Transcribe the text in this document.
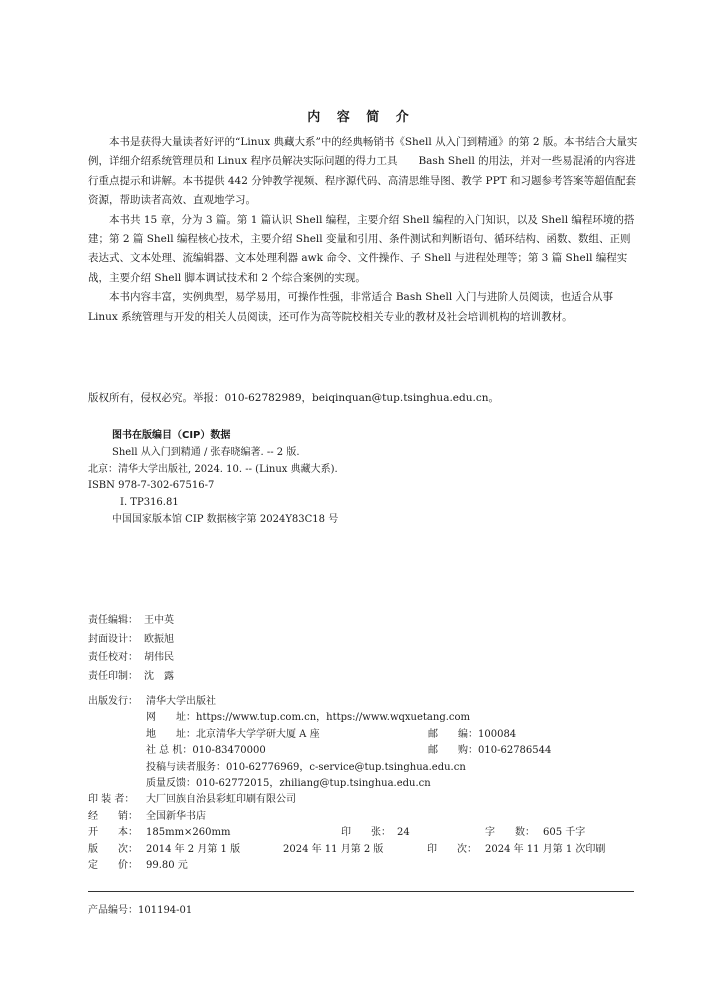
内 容 简 介

本书是获得大量读者好评的“Linux 典藏大系”中的经典畅销书《Shell 从入门到精通》的第 2 版。本书结合大量实例，详细介绍系统管理员和 Linux 程序员解决实际问题的得力工具　　Bash Shell 的用法，并对一些易混淆的内容进行重点提示和讲解。本书提供 442 分钟教学视频、程序源代码、高清思维导图、教学 PPT 和习题参考答案等超值配套资源，帮助读者高效、直观地学习。

本书共 15 章，分为 3 篇。第 1 篇认识 Shell 编程，主要介绍 Shell 编程的入门知识，以及 Shell 编程环境的搭建；第 2 篇 Shell 编程核心技术，主要介绍 Shell 变量和引用、条件测试和判断语句、循环结构、函数、数组、正则表达式、文本处理、流编辑器、文本处理利器 awk 命令、文件操作、子 Shell 与进程处理等；第 3 篇 Shell 编程实战，主要介绍 Shell 脚本调试技术和 2 个综合案例的实现。

本书内容丰富，实例典型，易学易用，可操作性强，非常适合 Bash Shell 入门与进阶人员阅读，也适合从事 Linux 系统管理与开发的相关人员阅读，还可作为高等院校相关专业的教材及社会培训机构的培训教材。

版权所有，侵权必究。举报：010-62782989，beiqinquan@tup.tsinghua.edu.cn。
图书在版编目（CIP）数据
Shell 从入门到精通 / 张春晓编著. -- 2 版.
北京：清华大学出版社, 2024. 10. -- (Linux 典藏大系).
ISBN 978-7-302-67516-7
Ⅰ. TP316.81
中国国家版本馆 CIP 数据核字第 2024Y83C18 号
责任编辑： 王中英
封面设计： 欧振旭
责任校对： 胡伟民
责任印制： 沈　露
出版发行： 清华大学出版社
网　　址：https://www.tup.com.cn，https://www.wqxuetang.com
地　　址：北京清华大学学研大厦 A 座	邮　　编：100084
社 总 机：010-83470000	邮　　购：010-62786544
投稿与读者服务：010-62776969，c-service@tup.tsinghua.edu.cn
质量反馈：010-62772015，zhiliang@tup.tsinghua.edu.cn
印 装 者：	大厂回族自治县彩虹印刷有限公司
经　　销： 全国新华书店
开　　本： 185mm×260mm	印　　张： 24	字　　数： 605 千字
版　　次： 2014 年 2 月第 1 版	2024 年 11 月第 2 版	印　　次： 2024 年 11 月第 1 次印刷
定　　价： 99.80 元
产品编号：101194-01
